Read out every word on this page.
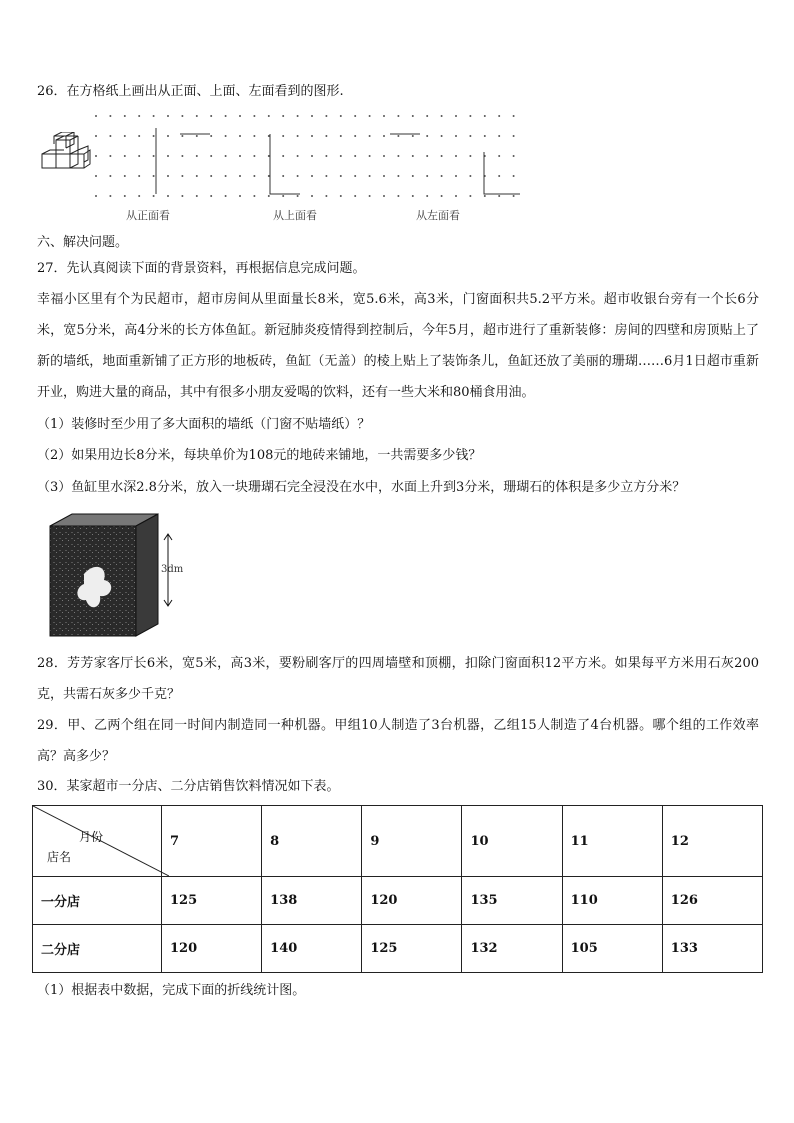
26．在方格纸上画出从正面、上面、左面看到的图形.
从正面看	从上面看	从左面看
六、解决问题。
27．先认真阅读下面的背景资料，再根据信息完成问题。
幸福小区里有个为民超市，超市房间从里面量长8米，宽5.6米，高3米，门窗面积共5.2平方米。超市收银台旁有一个长6分米，宽5分米，高4分米的长方体鱼缸。新冠肺炎疫情得到控制后，今年5月，超市进行了重新装修：房间的四壁和房顶贴上了新的墙纸，地面重新铺了正方形的地板砖，鱼缸（无盖）的棱上贴上了装饰条儿，鱼缸还放了美丽的珊瑚……6月1日超市重新开业，购进大量的商品，其中有很多小朋友爱喝的饮料，还有一些大米和80桶食用油。
（1）装修时至少用了多大面积的墙纸（门窗不贴墙纸）？
（2）如果用边长8分米，每块单价为108元的地砖来铺地，一共需要多少钱？
（3）鱼缸里水深2.8分米，放入一块珊瑚石完全浸没在水中，水面上升到3分米，珊瑚石的体积是多少立方分米？
3dm
28．芳芳家客厅长6米，宽5米，高3米，要粉刷客厅的四周墙壁和顶棚，扣除门窗面积12平方米。如果每平方米用石灰200克，共需石灰多少千克？
29．甲、乙两个组在同一时间内制造同一种机器。甲组10人制造了3台机器，乙组15人制造了4台机器。哪个组的工作效率高？高多少？
30．某家超市一分店、二分店销售饮料情况如下表。
月份
店名	7	8	9	10	11	12
一分店	125	138	120	135	110	126
二分店	120	140	125	132	105	133
（1）根据表中数据，完成下面的折线统计图。
